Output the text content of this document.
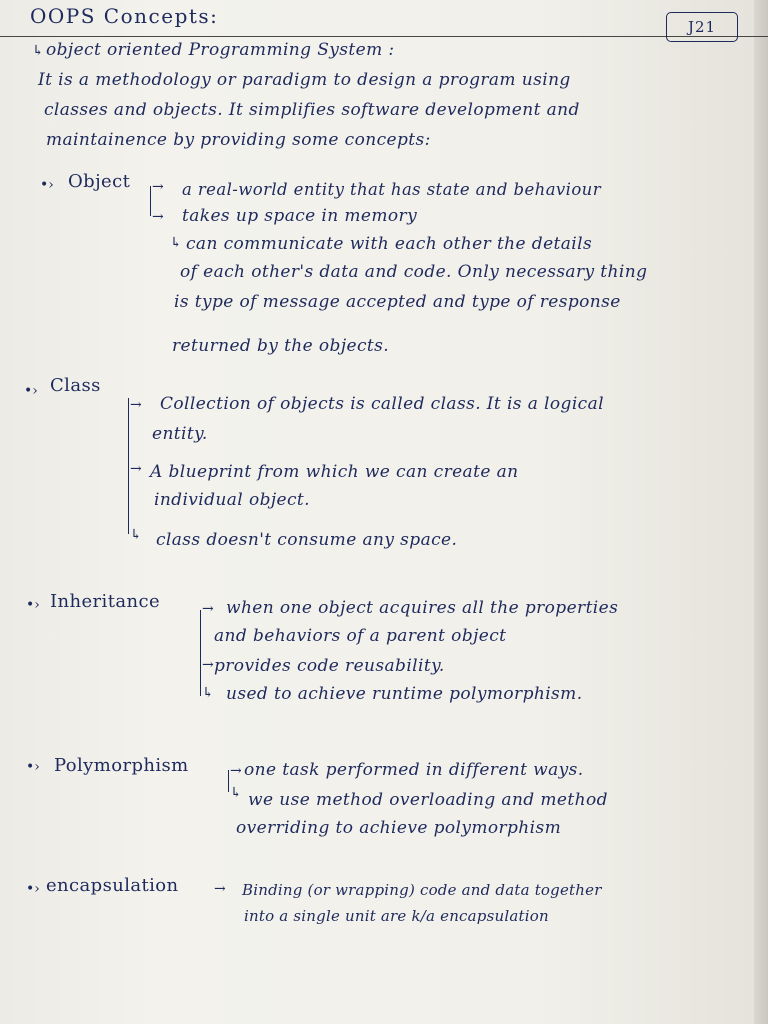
OOPS Concepts:	J21
↳ object oriented Programming System :

It is a methodology or paradigm to design a program using

classes and objects. It simplifies software development and

maintainence by providing some concepts:

•› Object →
→
↳

a real-world entity that has state and behaviour

takes up space in memory

can communicate with each other the details

of each other's data and code. Only necessary thing

is type of message accepted and type of response

returned by the objects.

•› Class

→
→
↳

Collection of objects is called class. It is a logical

entity.

A blueprint from which we can create an

individual object.

class doesn't consume any space.

•› Inheritance	→
→
↳

when one object acquires all the properties

and behaviors of a parent object

provides code reusability.

used to achieve runtime polymorphism.

•› Polymorphism	→
↳

one task performed in different ways.

we use method overloading and method

overriding to achieve polymorphism

•› encapsulation	→ Binding (or wrapping) code and data together

into a single unit are k/a encapsulation
